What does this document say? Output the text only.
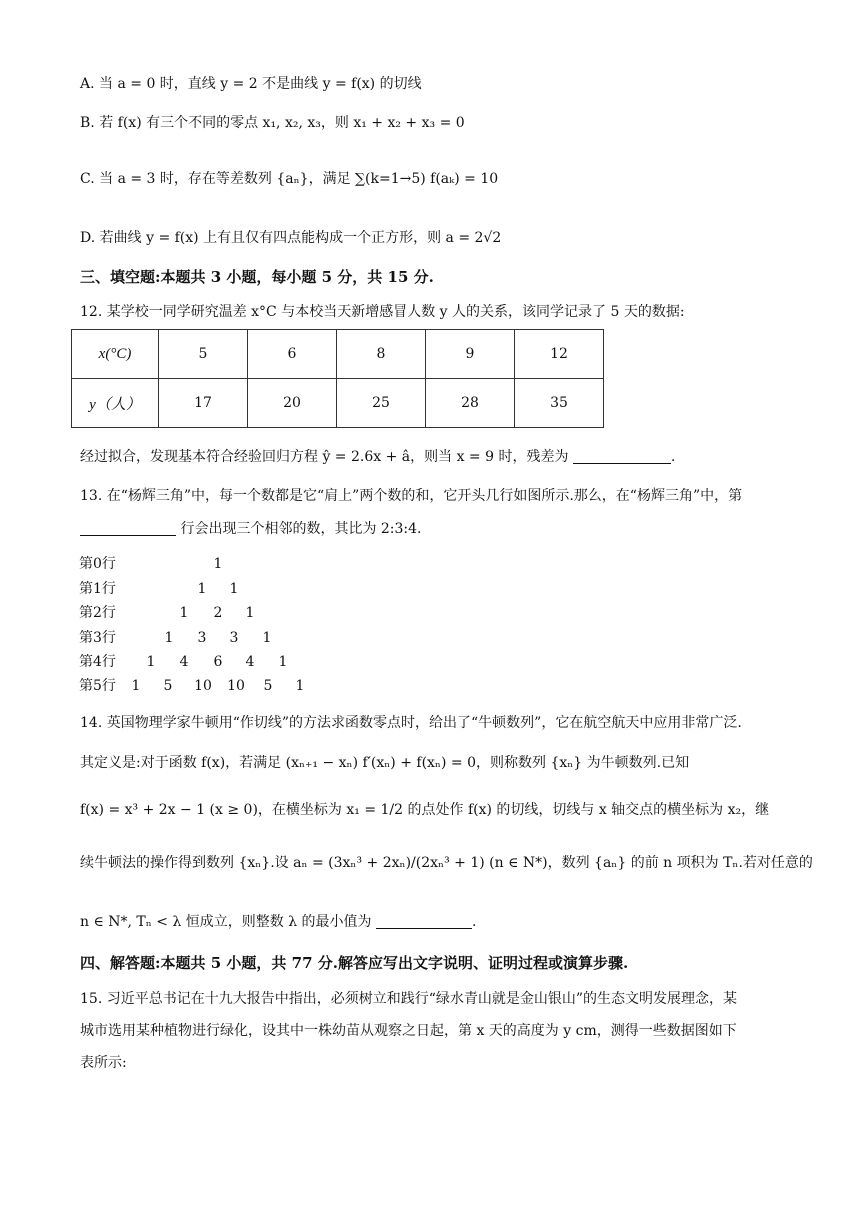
A. 当 a = 0 时，直线 y = 2 不是曲线 y = f(x) 的切线
B. 若 f(x) 有三个不同的零点 x₁, x₂, x₃，则 x₁ + x₂ + x₃ = 0
C. 当 a = 3 时，存在等差数列 {aₙ}，满足 ∑(k=1→5) f(aₖ) = 10
D. 若曲线 y = f(x) 上有且仅有四点能构成一个正方形，则 a = 2√2
三、填空题:本题共 3 小题，每小题 5 分，共 15 分.
12. 某学校一同学研究温差 x°C 与本校当天新增感冒人数 y 人的关系，该同学记录了 5 天的数据:
x(°C)	5	6	8	9	12
y（人）	17	20	25	28	35
经过拟合，发现基本符合经验回归方程 ŷ = 2.6x + â，则当 x = 9 时，残差为	.
13. 在“杨辉三角”中，每一个数都是它“肩上”两个数的和，它开头几行如图所示.那么，在“杨辉三角”中，第
行会出现三个相邻的数，其比为 2:3:4.
第0行	1
第1行	1	1
第2行	1	2	1
第3行	1	3	3	1
第4行	1	4	6	4	1
第5行	1	5	10 10	5	1
14. 英国物理学家牛顿用“作切线”的方法求函数零点时，给出了“牛顿数列”，它在航空航天中应用非常广泛.
其定义是:对于函数 f(x)，若满足 (xₙ₊₁ − xₙ) f′(xₙ) + f(xₙ) = 0，则称数列 {xₙ} 为牛顿数列.已知
f(x) = x³ + 2x − 1 (x ≥ 0)，在横坐标为 x₁ = 1/2 的点处作 f(x) 的切线，切线与 x 轴交点的横坐标为 x₂，继
续牛顿法的操作得到数列 {xₙ}.设 aₙ = (3xₙ³ + 2xₙ)/(2xₙ³ + 1) (n ∈ N*)，数列 {aₙ} 的前 n 项积为 Tₙ.若对任意的
n ∈ N*, Tₙ < λ 恒成立，则整数 λ 的最小值为	.
四、解答题:本题共 5 小题，共 77 分.解答应写出文字说明、证明过程或演算步骤.
15. 习近平总书记在十九大报告中指出，必须树立和践行“绿水青山就是金山银山”的生态文明发展理念，某
城市选用某种植物进行绿化，设其中一株幼苗从观察之日起，第 x 天的高度为 y cm，测得一些数据图如下
表所示:
